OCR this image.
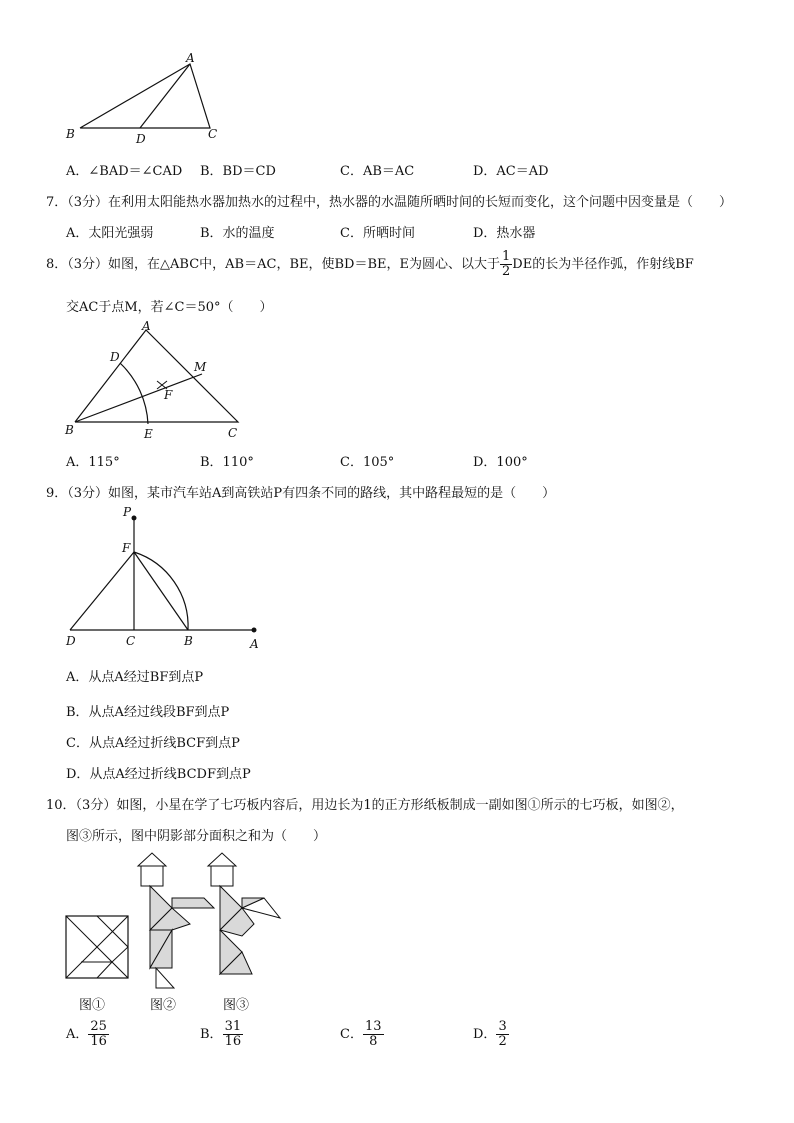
A
B	D	C
A．∠BAD＝∠CAD B．BD＝CD	C．AB＝AC	D．AC＝AD
7．（3分）在利用太阳能热水器加热水的过程中，热水器的水温随所晒时间的长短而变化，这个问题中因变量是（　　）
A．太阳光强弱	B．水的温度	C．所晒时间	D．热水器
8．（3分）如图，在△ABC中，AB＝AC，BE，使BD＝BE，E为圆心、以大于 $\frac{1}{2}$ DE的长为半径作弧，作射线BF
交AC于点M，若∠C＝50°（　　）
A
D
M
F
B	E	C
A．115°	B．110°	C．105°	D．100°
9．（3分）如图，某市汽车站A到高铁站P有四条不同的路线，其中路程最短的是（　　）
P
F
D	C	B	A
A．从点A经过BF到点P
B．从点A经过线段BF到点P
C．从点A经过折线BCF到点P
D．从点A经过折线BCDF到点P
10．（3分）如图，小星在学了七巧板内容后，用边长为1的正方形纸板制成一副如图①所示的七巧板，如图②，
图③所示，图中阴影部分面积之和为（　　）
图①	图②	图③
A． $\frac{25}{16}$	B． $\frac{31}{16}$	C． $\frac{13}{8}$	D． $\frac{3}{2}$
